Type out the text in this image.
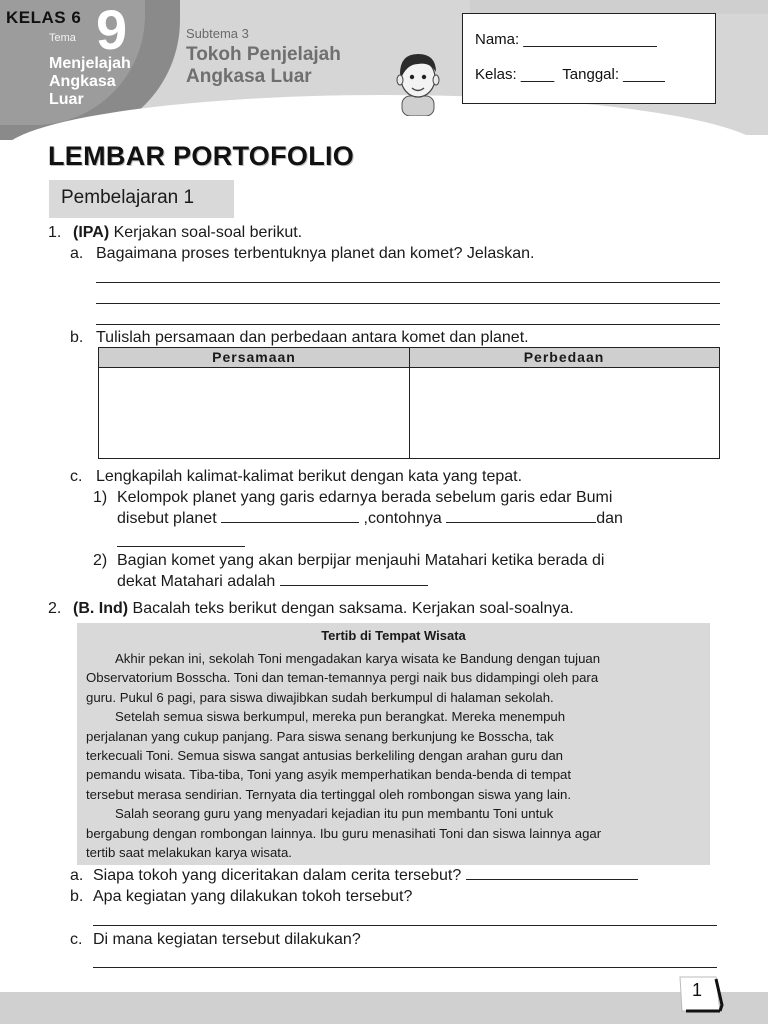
KELAS 6
Tema 9
Menjelajah
Angkasa
Luar
Subtema 3
Tokoh Penjelajah
Angkasa Luar
Nama: ________________
Kelas: ____  Tanggal: _____
LEMBAR PORTOFOLIO
Pembelajaran 1
1. (IPA) Kerjakan soal-soal berikut.
a. Bagaimana proses terbentuknya planet dan komet? Jelaskan.
b. Tulislah persamaan dan perbedaan antara komet dan planet.
Persamaan	Perbedaan
c. Lengkapilah kalimat-kalimat berikut dengan kata yang tepat.
1) Kelompok planet yang garis edarnya berada sebelum garis edar Bumi
disebut planet	,contohnya	dan
2) Bagian komet yang akan berpijar menjauhi Matahari ketika berada di
dekat Matahari adalah
2. (B. Ind) Bacalah teks berikut dengan saksama. Kerjakan soal-soalnya.
Tertib di Tempat Wisata
Akhir pekan ini, sekolah Toni mengadakan karya wisata ke Bandung dengan tujuan
Observatorium Bosscha. Toni dan teman-temannya pergi naik bus didampingi oleh para
guru. Pukul 6 pagi, para siswa diwajibkan sudah berkumpul di halaman sekolah.
Setelah semua siswa berkumpul, mereka pun berangkat. Mereka menempuh
perjalanan yang cukup panjang. Para siswa senang berkunjung ke Bosscha, tak
terkecuali Toni. Semua siswa sangat antusias berkeliling dengan arahan guru dan
pemandu wisata. Tiba-tiba, Toni yang asyik memperhatikan benda-benda di tempat
tersebut merasa sendirian. Ternyata dia tertinggal oleh rombongan siswa yang lain.
Salah seorang guru yang menyadari kejadian itu pun membantu Toni untuk
bergabung dengan rombongan lainnya. Ibu guru menasihati Toni dan siswa lainnya agar
tertib saat melakukan karya wisata.
a. Siapa tokoh yang diceritakan dalam cerita tersebut?
b. Apa kegiatan yang dilakukan tokoh tersebut?
c. Di mana kegiatan tersebut dilakukan?
1
